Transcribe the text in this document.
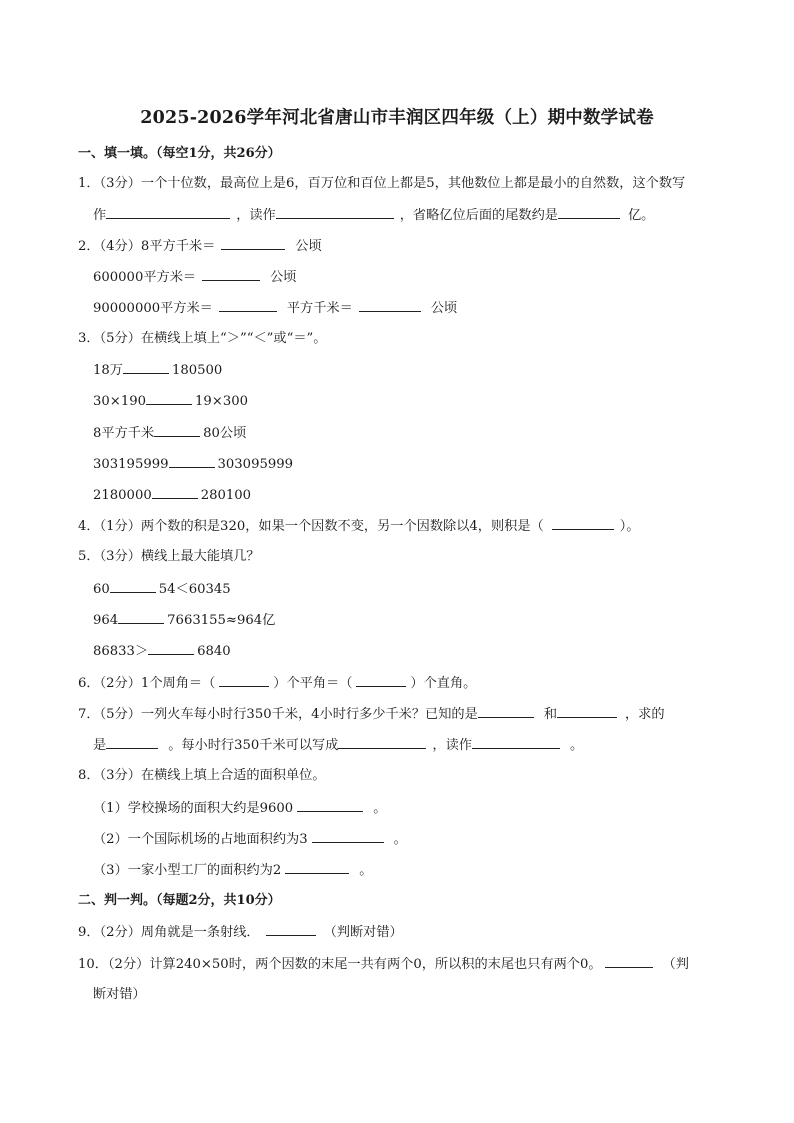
2025-2026学年河北省唐山市丰润区四年级（上）期中数学试卷
一、填一填。（每空1分，共26分）
1．（3分）一个十位数，最高位上是6，百万位和百位上都是5，其他数位上都是最小的自然数，这个数写
作	，读作	，省略亿位后面的尾数约是	亿。
2．（4分）8平方千米＝	公顷
600000平方米＝	公顷
90000000平方米＝	平方千米＝	公顷
3．（5分）在横线上填上“＞”“＜”或“＝”。
18万	180500
30×190	19×300
8平方千米	80公顷
303195999	303095999
2180000	280100
4．（1分）两个数的积是320，如果一个因数不变，另一个因数除以4，则积是（	）。
5．（3分）横线上最大能填几？
60	54＜60345
964	7663155≈964亿
86833＞	6840
6．（2分）1个周角＝（	）个平角＝（	）个直角。
7．（5分）一列火车每小时行350千米，4小时行多少千米？已知的是	和	，求的
是	。每小时行350千米可以写成	，读作	。
8．（3分）在横线上填上合适的面积单位。
（1）学校操场的面积大约是9600	。
（2）一个国际机场的占地面积约为3	。
（3）一家小型工厂的面积约为2	。
二、判一判。（每题2分，共10分）
9．（2分）周角就是一条射线．	（判断对错）
10．（2分）计算240×50时，两个因数的末尾一共有两个0，所以积的末尾也只有两个0。	（判
断对错）
